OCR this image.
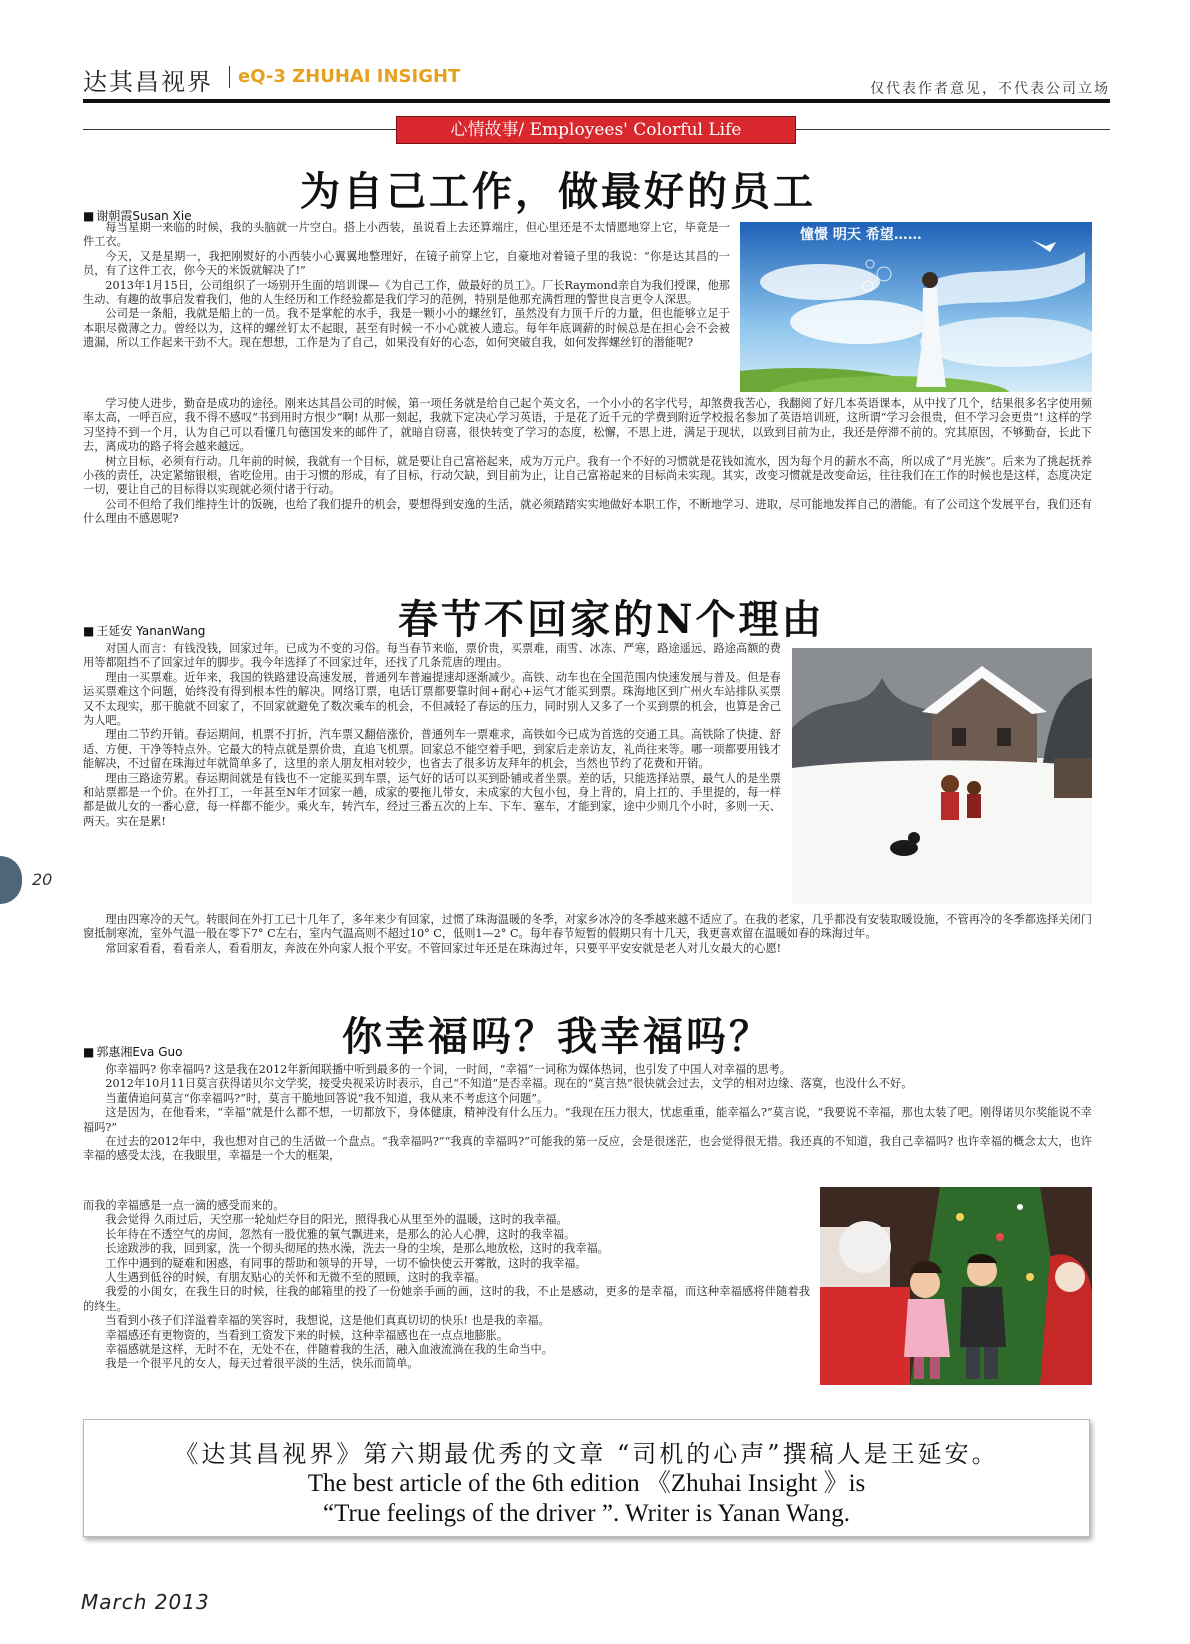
达其昌视界 eQ-3 ZHUHAI INSIGHT
仅代表作者意见，不代表公司立场
心情故事/ Employees' Colorful Life
为自己工作，做最好的员工
■ 谢朝霞Susan Xie
憧憬 明天 希望……

每当星期一来临的时候，我的头脑就一片空白。搭上小西装，虽说看上去还算端庄，但心里还是不太情愿地穿上它，毕竟是一件工衣。

今天，又是星期一，我把刚熨好的小西装小心翼翼地整理好，在镜子前穿上它，自豪地对着镜子里的我说：“你是达其昌的一员，有了这件工衣，你今天的米饭就解决了!”

2013年1月15日，公司组织了一场别开生面的培训课—《为自己工作，做最好的员工》。厂长Raymond亲自为我们授课，他那生动、有趣的故事启发着我们，他的人生经历和工作经验都是我们学习的范例，特别是他那充满哲理的警世良言更令人深思。

公司是一条船，我就是船上的一员。我不是掌舵的水手，我是一颗小小的螺丝钉，虽然没有力顶千斤的力量，但也能够立足于本职尽微薄之力。曾经以为，这样的螺丝钉太不起眼，甚至有时候一不小心就被人遗忘。每年年底调薪的时候总是在担心会不会被遗漏，所以工作起来干劲不大。现在想想，工作是为了自己，如果没有好的心态，如何突破自我，如何发挥螺丝钉的潜能呢?

学习使人进步，勤奋是成功的途径。刚来达其昌公司的时候，第一项任务就是给自己起个英文名，一个小小的名字代号，却煞费我苦心，我翻阅了好几本英语课本，从中找了几个，结果很多名字使用频率太高，一呼百应，我不得不感叹“书到用时方恨少”啊! 从那一刻起，我就下定决心学习英语，于是花了近千元的学费到附近学校报名参加了英语培训班，这所谓“学习会很贵，但不学习会更贵”! 这样的学习坚持不到一个月，认为自己可以看懂几句德国发来的邮件了，就暗自窃喜，很快转变了学习的态度，松懈，不思上进，满足于现状，以致到目前为止，我还是停滞不前的。究其原因，不够勤奋，长此下去，离成功的路子将会越来越远。

树立目标，必须有行动。几年前的时候，我就有一个目标，就是要让自己富裕起来，成为万元户。我有一个不好的习惯就是花钱如流水，因为每个月的薪水不高，所以成了“月光族”。后来为了挑起抚养小孩的责任，决定紧缩银根，省吃俭用。由于习惯的形成，有了目标，行动欠缺，到目前为止，让自己富裕起来的目标尚未实现。其实，改变习惯就是改变命运，往往我们在工作的时候也是这样，态度决定一切，要让自己的目标得以实现就必须付诸于行动。

公司不但给了我们维持生计的饭碗，也给了我们提升的机会，要想得到安逸的生活，就必须踏踏实实地做好本职工作，不断地学习、进取，尽可能地发挥自己的潜能。有了公司这个发展平台，我们还有什么理由不感恩呢?

春节不回家的N个理由
■ 王延安 YananWang

对国人而言：有钱没钱，回家过年。已成为不变的习俗。每当春节来临，票价贵，买票难，雨雪、冰冻、严寒，路途遥远、路途高额的费用等都阻挡不了回家过年的脚步。我今年选择了不回家过年，还找了几条荒唐的理由。

理由一买票难。近年来，我国的铁路建设高速发展，普通列车普遍提速却逐渐减少。高铁、动车也在全国范围内快速发展与普及。但是春运买票难这个问题，始终没有得到根本性的解决。网络订票，电话订票都要靠时间+耐心+运气才能买到票。珠海地区到广州火车站排队买票又不太现实，那干脆就不回家了，不回家就避免了数次乘车的机会，不但减轻了春运的压力，同时别人又多了一个买到票的机会，也算是舍己为人吧。

理由二节约开销。春运期间，机票不打折，汽车票又翻倍涨价，普通列车一票难求，高铁如今已成为首选的交通工具。高铁除了快捷、舒适、方便、干净等特点外。它最大的特点就是票价贵，直追飞机票。回家总不能空着手吧，到家后走亲访友，礼尚往来等。哪一项都要用钱才能解决，不过留在珠海过年就简单多了，这里的亲人朋友相对较少，也省去了很多访友拜年的机会，当然也节约了花费和开销。

理由三路途劳累。春运期间就是有钱也不一定能买到车票，运气好的话可以买到卧铺或者坐票。差的话，只能选择站票，最气人的是坐票和站票都是一个价。在外打工，一年甚至N年才回家一趟，成家的要拖儿带女，未成家的大包小包，身上背的，肩上扛的、手里提的，每一样都是做儿女的一番心意，每一样都不能少。乘火车，转汽车，经过三番五次的上车、下车、塞车，才能到家，途中少则几个小时，多则一天、两天。实在是累!

理由四寒冷的天气。转眼间在外打工已十几年了，多年来少有回家，过惯了珠海温暖的冬季，对家乡冰冷的冬季越来越不适应了。在我的老家，几乎都没有安装取暖设施，不管再冷的冬季都选择关闭门窗抵制寒流，室外气温一般在零下7° C左右，室内气温高则不超过10° C，低则1—2° C。每年春节短暂的假期只有十几天，我更喜欢留在温暖如春的珠海过年。

常回家看看，看看亲人，看看朋友，奔波在外向家人报个平安。不管回家过年还是在珠海过年，只要平平安安就是老人对儿女最大的心愿!

你幸福吗？我幸福吗？
■ 郭惠湘Eva Guo

你幸福吗? 你幸福吗? 这是我在2012年新闻联播中听到最多的一个词，一时间，“幸福”一词称为媒体热词，也引发了中国人对幸福的思考。

2012年10月11日莫言获得诺贝尔文学奖，接受央视采访时表示，自己“不知道”是否幸福。现在的“莫言热”很快就会过去，文学的相对边缘、落寞，也没什么不好。

当董倩追问莫言“你幸福吗?”时，莫言干脆地回答说“我不知道，我从来不考虑这个问题”。

这是因为，在他看来，“幸福”就是什么都不想，一切都放下，身体健康，精神没有什么压力。“我现在压力很大，忧虑重重，能幸福么?”莫言说，“我要说不幸福，那也太装了吧。刚得诺贝尔奖能说不幸福吗?”

在过去的2012年中，我也想对自己的生活做一个盘点。“我幸福吗?”“我真的幸福吗?”可能我的第一反应，会是很迷茫，也会觉得很无措。我还真的不知道，我自己幸福吗? 也许幸福的概念太大，也许幸福的感受太浅，在我眼里，幸福是一个大的框架，

而我的幸福感是一点一滴的感受而来的。

我会觉得 久雨过后，天空那一轮灿烂夺目的阳光，照得我心从里至外的温暖，这时的我幸福。

长年待在不透空气的房间，忽然有一股优雅的氧气飘进来，是那么的沁人心脾，这时的我幸福。

长途跋涉的我，回到家，洗一个彻头彻尾的热水澡，洗去一身的尘埃，是那么地放松，这时的我幸福。

工作中遇到的疑难和困惑，有同事的帮助和领导的开导，一切不愉快使云开雾散，这时的我幸福。

人生遇到低谷的时候，有朋友贴心的关怀和无微不至的照顾，这时的我幸福。

我爱的小闺女，在我生日的时候，往我的邮箱里的投了一份她亲手画的画，这时的我，不止是感动，更多的是幸福，而这种幸福感将伴随着我的终生。

当看到小孩子们洋溢着幸福的笑容时，我想说，这是他们真真切切的快乐! 也是我的幸福。

幸福感还有更物资的，当看到工资发下来的时候，这种幸福感也在一点点地膨胀。

幸福感就是这样，无时不在，无处不在，伴随着我的生活，融入血液流淌在我的生命当中。

我是一个很平凡的女人，每天过着很平淡的生活，快乐而简单。

《达其昌视界》第六期最优秀的文章 “司机的心声”撰稿人是王延安。
The best article of the 6th edition 《Zhuhai Insight 》is
“True feelings of the driver ”. Writer is Yanan Wang.
20
March 2013
